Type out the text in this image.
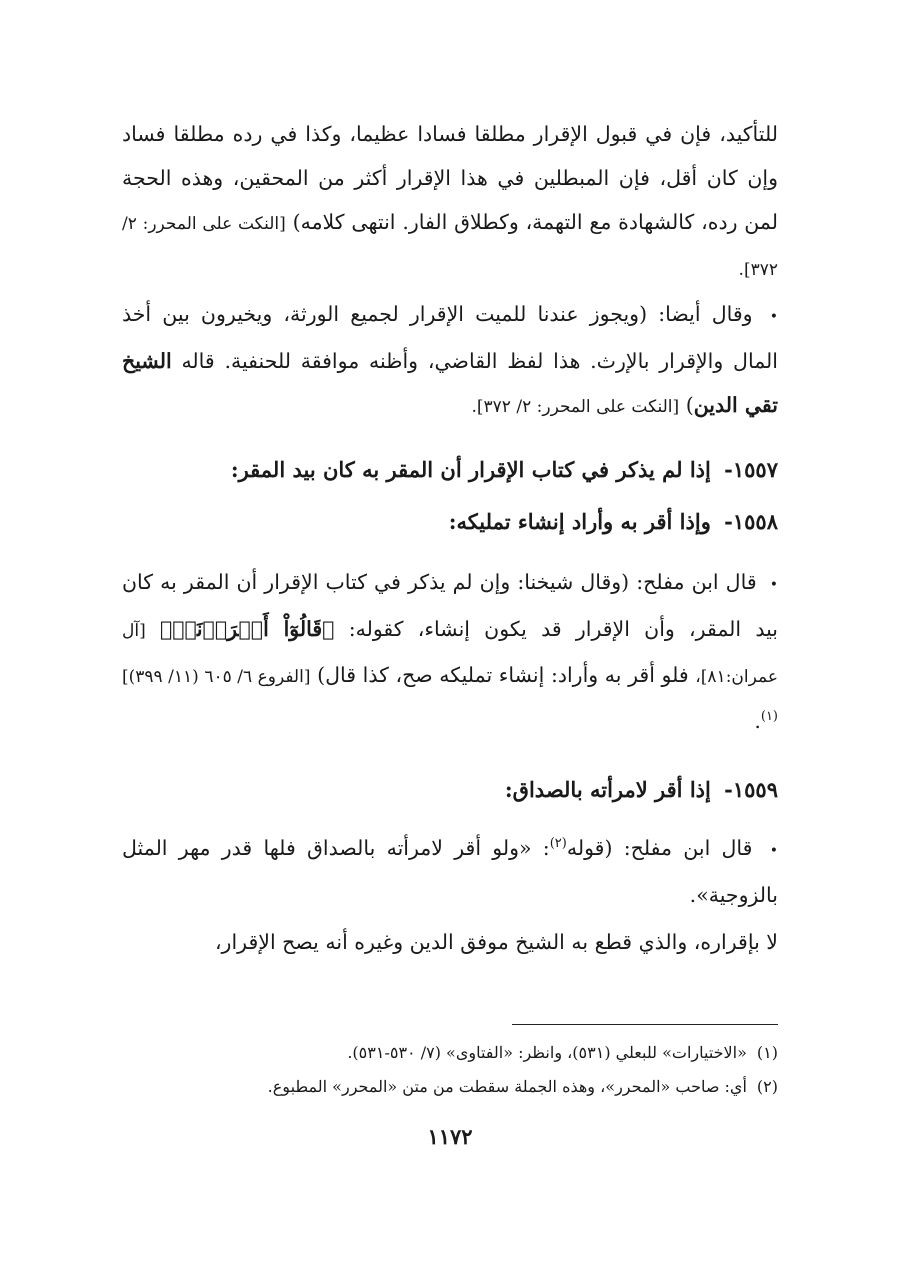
للتأكيد، فإن في قبول الإقرار مطلقا فسادا عظيما، وكذا في رده مطلقا فساد وإن كان أقل، فإن المبطلين في هذا الإقرار أكثر من المحقين، وهذه الحجة لمن رده، كالشهادة مع التهمة، وكطلاق الفار. انتهى كلامه) [النكت على المحرر: ٢/ ٣٧٢].
• وقال أيضا: (ويجوز عندنا للميت الإقرار لجميع الورثة، ويخيرون بين أخذ المال والإقرار بالإرث. هذا لفظ القاضي، وأظنه موافقة للحنفية. قاله الشيخ تقي الدين) [النكت على المحرر: ٢/ ٣٧٢].
١٥٥٧- إذا لم يذكر في كتاب الإقرار أن المقر به كان بيد المقر:
١٥٥٨- وإذا أقر به وأراد إنشاء تمليكه:
• قال ابن مفلح: (وقال شيخنا: وإن لم يذكر في كتاب الإقرار أن المقر به كان بيد المقر، وأن الإقرار قد يكون إنشاء، كقوله: ﴿قَالُوٓاْ أَقۡرَرۡنَاۚ﴾ [آل عمران:٨١]، فلو أقر به وأراد: إنشاء تمليكه صح، كذا قال) [الفروع ٦/ ٦٠٥ (١١/ ٣٩٩)]$^{(١)}$.
١٥٥٩- إذا أقر لامرأته بالصداق:
• قال ابن مفلح: (قوله$^{(٢)}$: «ولو أقر لامرأته بالصداق فلها قدر مهر المثل بالزوجية».
لا بإقراره، والذي قطع به الشيخ موفق الدين وغيره أنه يصح الإقرار،
(١)«الاختيارات» للبعلي (٥٣١)، وانظر: «الفتاوى» (٧/ ٥٣٠-٥٣١).
(٢)أي: صاحب «المحرر»، وهذه الجملة سقطت من متن «المحرر» المطبوع.
١١٧٢
